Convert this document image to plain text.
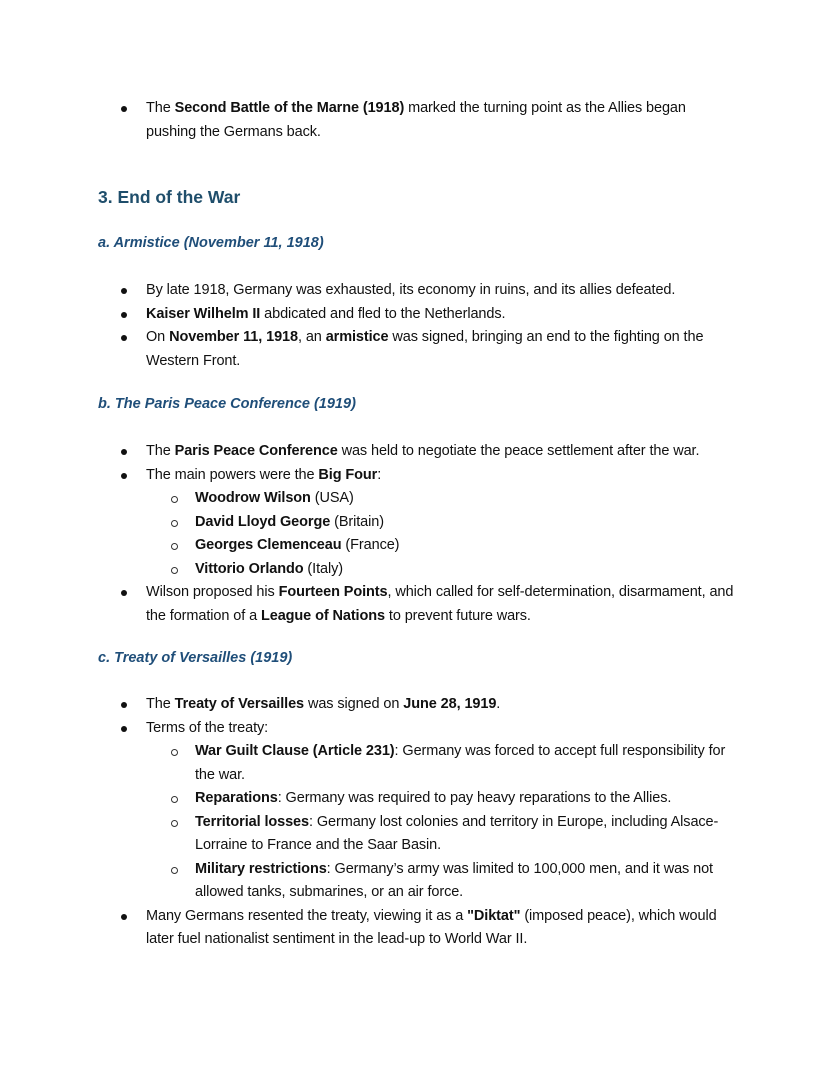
The Second Battle of the Marne (1918) marked the turning point as the Allies began pushing the Germans back.
3. End of the War
a. Armistice (November 11, 1918)
By late 1918, Germany was exhausted, its economy in ruins, and its allies defeated.
Kaiser Wilhelm II abdicated and fled to the Netherlands.
On November 11, 1918, an armistice was signed, bringing an end to the fighting on the Western Front.
b. The Paris Peace Conference (1919)
The Paris Peace Conference was held to negotiate the peace settlement after the war.
The main powers were the Big Four:
Woodrow Wilson (USA)
David Lloyd George (Britain)
Georges Clemenceau (France)
Vittorio Orlando (Italy)
Wilson proposed his Fourteen Points, which called for self-determination, disarmament, and the formation of a League of Nations to prevent future wars.
c. Treaty of Versailles (1919)
The Treaty of Versailles was signed on June 28, 1919.
Terms of the treaty:
War Guilt Clause (Article 231): Germany was forced to accept full responsibility for the war.
Reparations: Germany was required to pay heavy reparations to the Allies.
Territorial losses: Germany lost colonies and territory in Europe, including Alsace-Lorraine to France and the Saar Basin.
Military restrictions: Germany’s army was limited to 100,000 men, and it was not allowed tanks, submarines, or an air force.
Many Germans resented the treaty, viewing it as a "Diktat" (imposed peace), which would later fuel nationalist sentiment in the lead-up to World War II.
